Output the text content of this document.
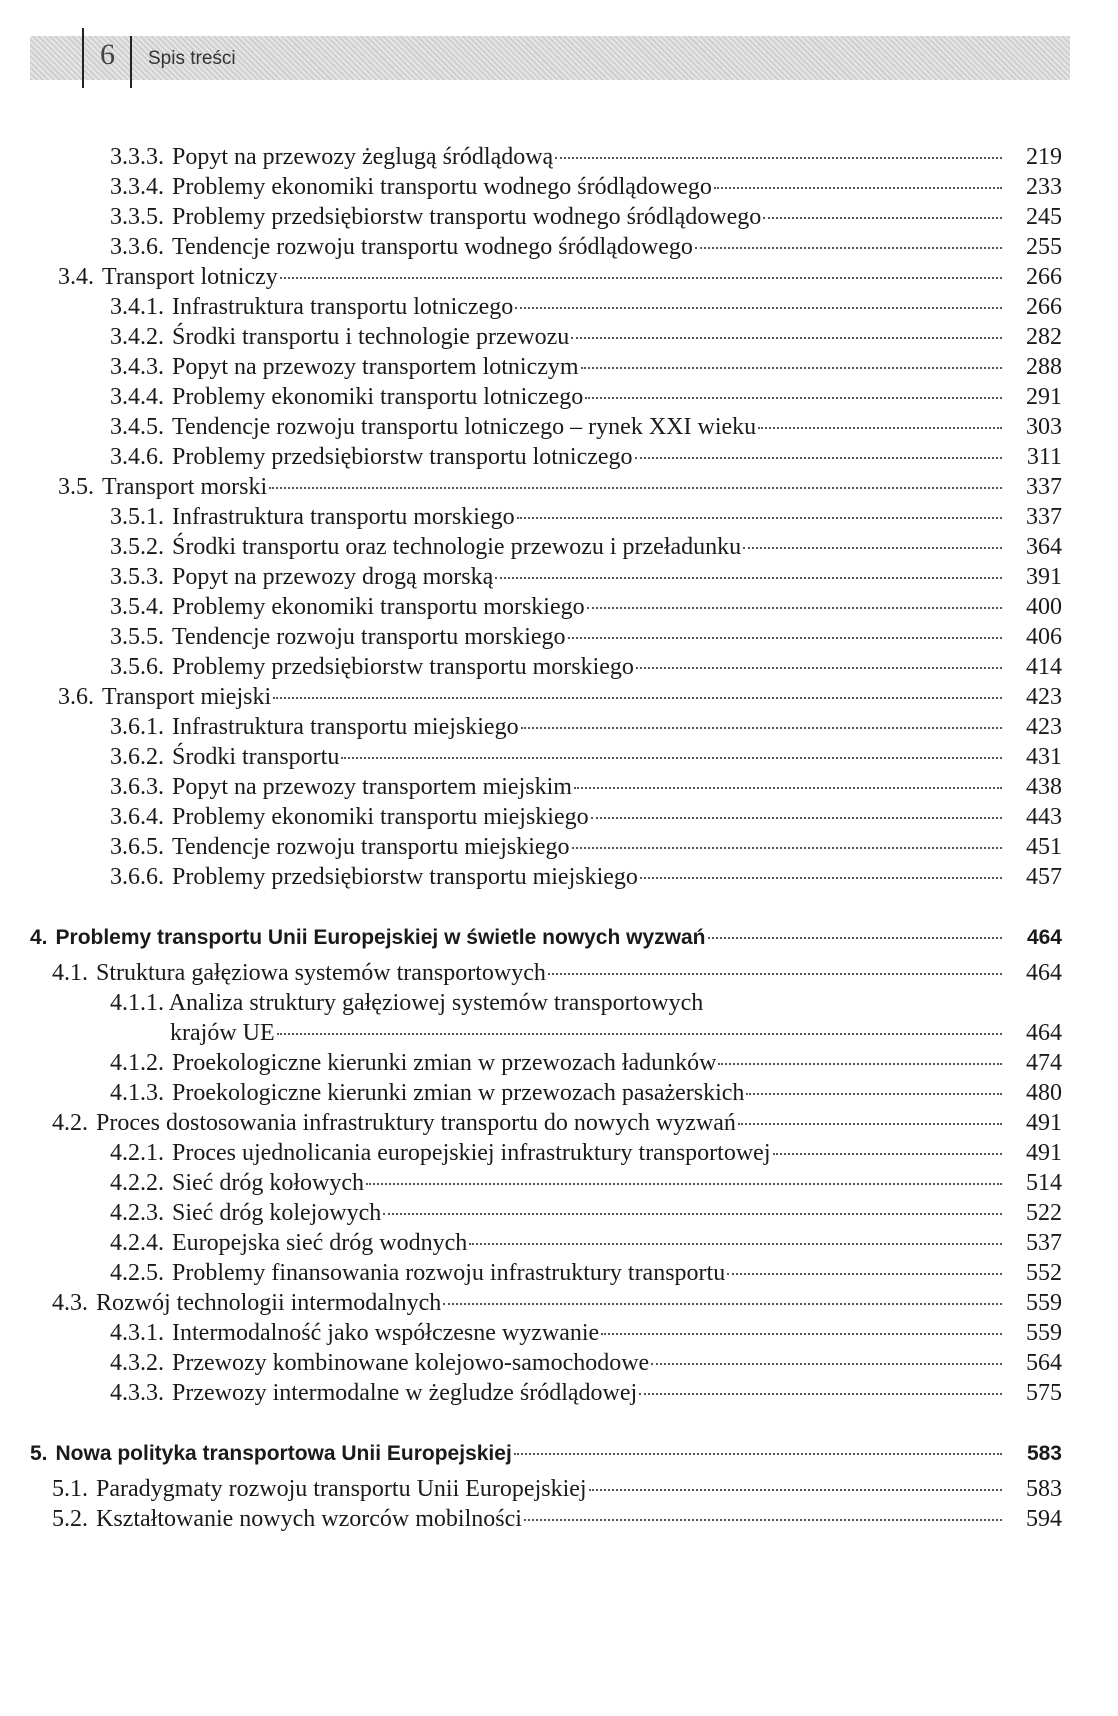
6 Spis treści
3.3.3. Popyt na przewozy żeglugą śródlądową	219
3.3.4. Problemy ekonomiki transportu wodnego śródlądowego	233
3.3.5. Problemy przedsiębiorstw transportu wodnego śródlądowego	245
3.3.6. Tendencje rozwoju transportu wodnego śródlądowego	255
3.4. Transport lotniczy	266
3.4.1. Infrastruktura transportu lotniczego	266
3.4.2. Środki transportu i technologie przewozu	282
3.4.3. Popyt na przewozy transportem lotniczym	288
3.4.4. Problemy ekonomiki transportu lotniczego	291
3.4.5. Tendencje rozwoju transportu lotniczego – rynek XXI wieku	303
3.4.6. Problemy przedsiębiorstw transportu lotniczego	311
3.5. Transport morski	337
3.5.1. Infrastruktura transportu morskiego	337
3.5.2. Środki transportu oraz technologie przewozu i przeładunku	364
3.5.3. Popyt na przewozy drogą morską	391
3.5.4. Problemy ekonomiki transportu morskiego	400
3.5.5. Tendencje rozwoju transportu morskiego	406
3.5.6. Problemy przedsiębiorstw transportu morskiego	414
3.6. Transport miejski	423
3.6.1. Infrastruktura transportu miejskiego	423
3.6.2. Środki transportu	431
3.6.3. Popyt na przewozy transportem miejskim	438
3.6.4. Problemy ekonomiki transportu miejskiego	443
3.6.5. Tendencje rozwoju transportu miejskiego	451
3.6.6. Problemy przedsiębiorstw transportu miejskiego	457
4. Problemy transportu Unii Europejskiej w świetle nowych wyzwań	464
4.1. Struktura gałęziowa systemów transportowych	464
4.1.1. Analiza struktury gałęziowej systemów transportowych
krajów UE	464
4.1.2. Proekologiczne kierunki zmian w przewozach ładunków	474
4.1.3. Proekologiczne kierunki zmian w przewozach pasażerskich	480
4.2. Proces dostosowania infrastruktury transportu do nowych wyzwań	491
4.2.1. Proces ujednolicania europejskiej infrastruktury transportowej	491
4.2.2. Sieć dróg kołowych	514
4.2.3. Sieć dróg kolejowych	522
4.2.4. Europejska sieć dróg wodnych	537
4.2.5. Problemy finansowania rozwoju infrastruktury transportu	552
4.3. Rozwój technologii intermodalnych	559
4.3.1. Intermodalność jako współczesne wyzwanie	559
4.3.2. Przewozy kombinowane kolejowo-samochodowe	564
4.3.3. Przewozy intermodalne w żegludze śródlądowej	575
5. Nowa polityka transportowa Unii Europejskiej	583
5.1. Paradygmaty rozwoju transportu Unii Europejskiej	583
5.2. Kształtowanie nowych wzorców mobilności	594
